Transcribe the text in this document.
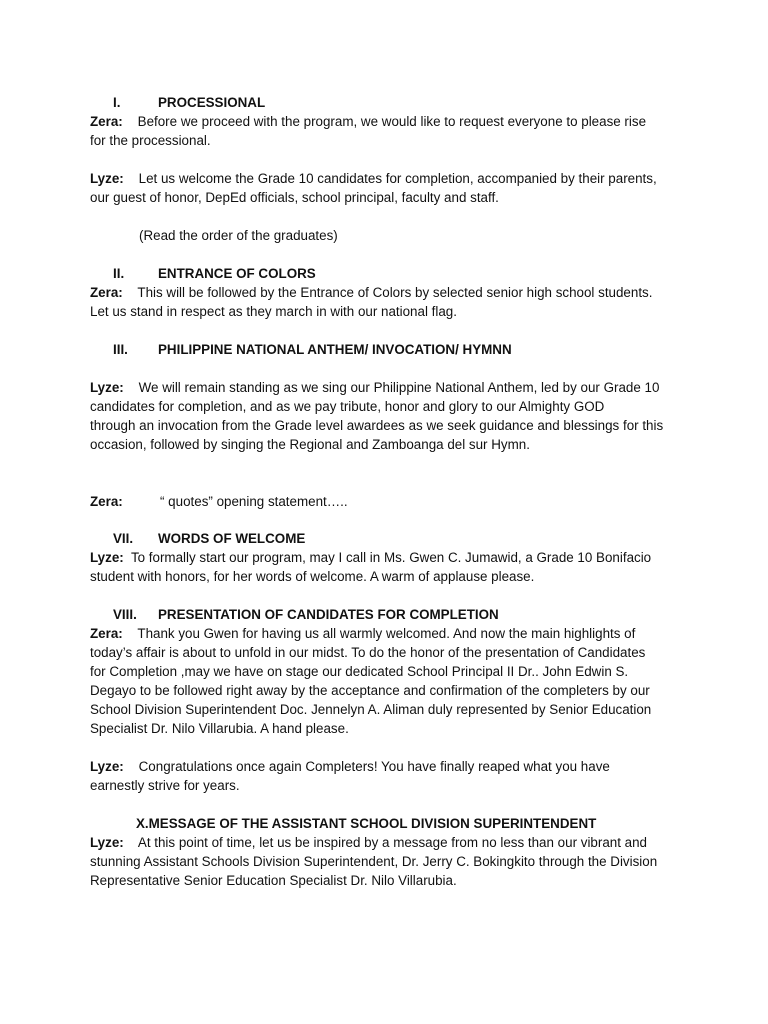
I.	PROCESSIONAL
Zera: Before we proceed with the program, we would like to request everyone to please rise
for the processional.
Lyze: Let us welcome the Grade 10 candidates for completion, accompanied by their parents,
our guest of honor, DepEd officials, school principal, faculty and staff.
(Read the order of the graduates)
II.	ENTRANCE OF COLORS
Zera: This will be followed by the Entrance of Colors by selected senior high school students.
Let us stand in respect as they march in with our national flag.
III. PHILIPPINE NATIONAL ANTHEM/ INVOCATION/ HYMNN
Lyze: We will remain standing as we sing our Philippine National Anthem, led by our Grade 10
candidates for completion, and as we pay tribute, honor and glory to our Almighty GOD
through an invocation from the Grade level awardees as we seek guidance and blessings for this
occasion, followed by singing the Regional and Zamboanga del sur Hymn.
Zera:	“ quotes” opening statement…..
VII. WORDS OF WELCOME
Lyze: To formally start our program, may I call in Ms. Gwen C. Jumawid, a Grade 10 Bonifacio
student with honors, for her words of welcome. A warm of applause please.
VIII. PRESENTATION OF CANDIDATES FOR COMPLETION
Zera: Thank you Gwen for having us all warmly welcomed. And now the main highlights of
today’s affair is about to unfold in our midst. To do the honor of the presentation of Candidates
for Completion ,may we have on stage our dedicated School Principal II Dr.. John Edwin S.
Degayo to be followed right away by the acceptance and confirmation of the completers by our
School Division Superintendent Doc. Jennelyn A. Aliman duly represented by Senior Education
Specialist Dr. Nilo Villarubia. A hand please.
Lyze: Congratulations once again Completers! You have finally reaped what you have
earnestly strive for years.
X.MESSAGE OF THE ASSISTANT SCHOOL DIVISION SUPERINTENDENT
Lyze: At this point of time, let us be inspired by a message from no less than our vibrant and
stunning Assistant Schools Division Superintendent, Dr. Jerry C. Bokingkito through the Division
Representative Senior Education Specialist Dr. Nilo Villarubia.
